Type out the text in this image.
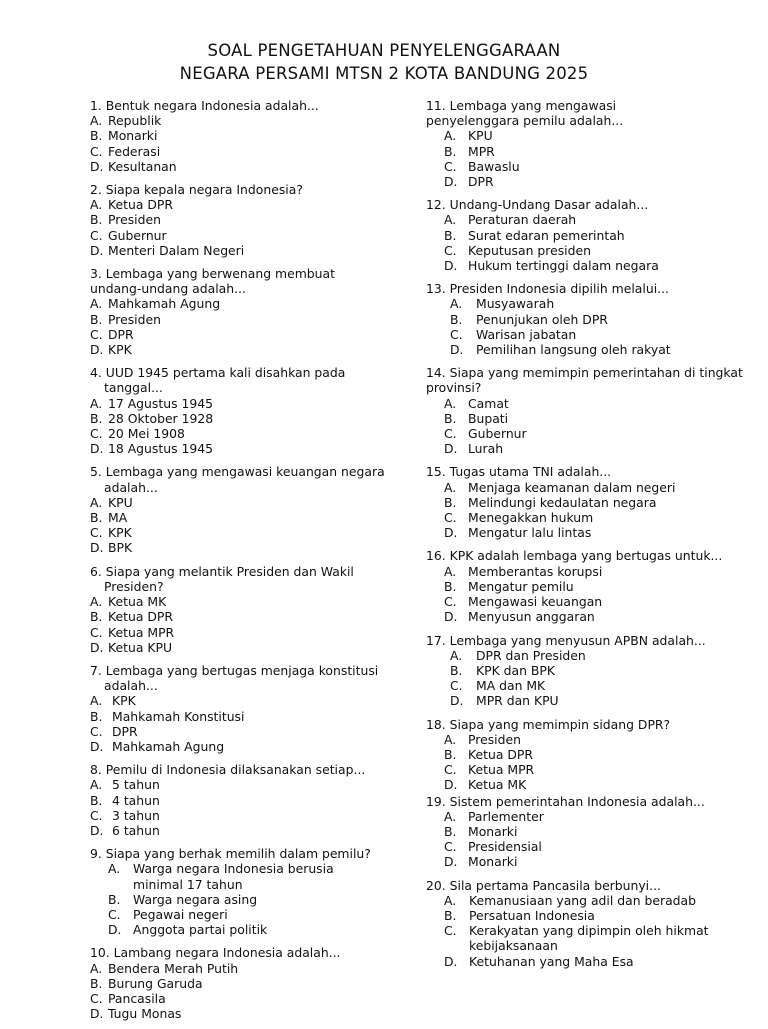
SOAL PENGETAHUAN PENYELENGGARAAN
NEGARA PERSAMI MTSN 2 KOTA BANDUNG 2025

1. Bentuk negara Indonesia adalah...

A. Republik
B. Monarki
C. Federasi
D. Kesultanan

2. Siapa kepala negara Indonesia?

A. Ketua DPR
B. Presiden
C. Gubernur
D. Menteri Dalam Negeri

3. Lembaga yang berwenang membuat
undang-undang adalah...

A. Mahkamah Agung
B. Presiden
C. DPR
D. KPK

4. UUD 1945 pertama kali disahkan pada
tanggal...

A. 17 Agustus 1945
B. 28 Oktober 1928
C. 20 Mei 1908
D. 18 Agustus 1945

5. Lembaga yang mengawasi keuangan negara
adalah...

A. KPU
B. MA
C. KPK
D. BPK

6. Siapa yang melantik Presiden dan Wakil
Presiden?

A. Ketua MK
B. Ketua DPR
C. Ketua MPR
D. Ketua KPU

7. Lembaga yang bertugas menjaga konstitusi
adalah...

A. KPK
B. Mahkamah Konstitusi
C. DPR
D. Mahkamah Agung

8. Pemilu di Indonesia dilaksanakan setiap...

A. 5 tahun
B. 4 tahun
C. 3 tahun
D. 6 tahun

9. Siapa yang berhak memilih dalam pemilu?

A.	Warga negara Indonesia berusia
minimal 17 tahun
B.	Warga negara asing
C.	Pegawai negeri
D. Anggota partai politik

10. Lambang negara Indonesia adalah...

A. Bendera Merah Putih
B. Burung Garuda
C. Pancasila
D. Tugu Monas

11. Lembaga yang mengawasi
penyelenggara pemilu adalah...

A. KPU
B. MPR
C. Bawaslu
D. DPR

12. Undang-Undang Dasar adalah...

A. Peraturan daerah
B. Surat edaran pemerintah
C. Keputusan presiden
D. Hukum tertinggi dalam negara

13. Presiden Indonesia dipilih melalui...

A.	Musyawarah
B.	Penunjukan oleh DPR
C.	Warisan jabatan
D.	Pemilihan langsung oleh rakyat

14. Siapa yang memimpin pemerintahan di tingkat
provinsi?

A. Camat
B. Bupati
C. Gubernur
D. Lurah

15. Tugas utama TNI adalah...

A. Menjaga keamanan dalam negeri
B. Melindungi kedaulatan negara
C. Menegakkan hukum
D. Mengatur lalu lintas

16. KPK adalah lembaga yang bertugas untuk...

A. Memberantas korupsi
B. Mengatur pemilu
C. Mengawasi keuangan
D. Menyusun anggaran

17. Lembaga yang menyusun APBN adalah...

A.	DPR dan Presiden
B.	KPK dan BPK
C.	MA dan MK
D.	MPR dan KPU

18. Siapa yang memimpin sidang DPR?

A. Presiden
B. Ketua DPR
C. Ketua MPR
D. Ketua MK

19. Sistem pemerintahan Indonesia adalah...

A. Parlementer
B. Monarki
C. Presidensial
D. Monarki

20. Sila pertama Pancasila berbunyi...

A.	Kemanusiaan yang adil dan beradab
B.	Persatuan Indonesia
C.	Kerakyatan yang dipimpin oleh hikmat
kebijaksanaan
D. Ketuhanan yang Maha Esa
